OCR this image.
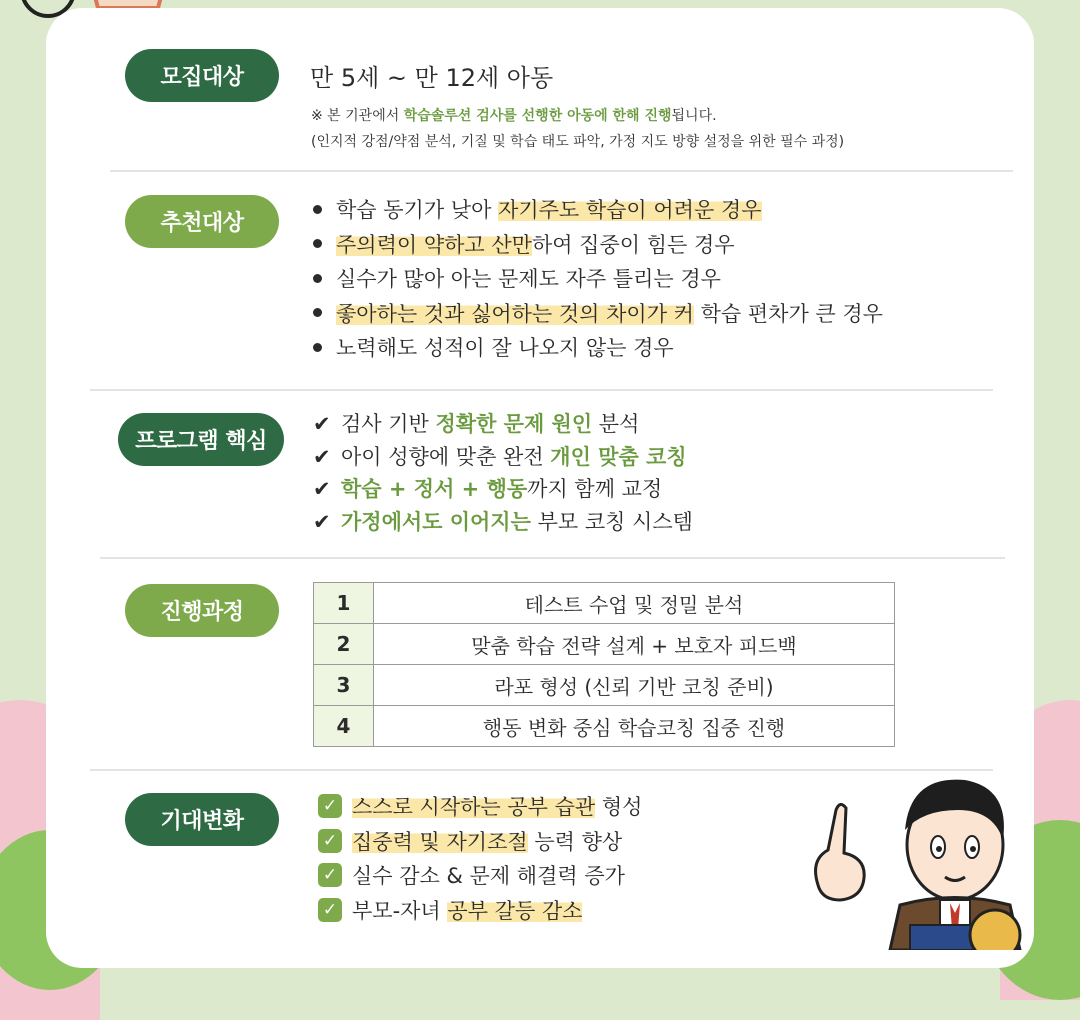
모집대상	만 5세 ~ 만 12세 아동
※ 본 기관에서 학습솔루션 검사를 선행한 아동에 한해 진행됩니다.
(인지적 강점/약점 분석, 기질 및 학습 태도 파악, 가정 지도 방향 설정을 위한 필수 과정)
추천대상
학습 동기가 낮아 자기주도 학습이 어려운 경우
주의력이 약하고 산만하여 집중이 힘든 경우
실수가 많아 아는 문제도 자주 틀리는 경우
좋아하는 것과 싫어하는 것의 차이가 커 학습 편차가 큰 경우
노력해도 성적이 잘 나오지 않는 경우
프로그램 핵심
✔ 검사 기반 정확한 문제 원인 분석
✔ 아이 성향에 맞춘 완전 개인 맞춤 코칭
✔ 학습 + 정서 + 행동까지 함께 교정
✔ 가정에서도 이어지는 부모 코칭 시스템
진행과정	1	테스트 수업 및 정밀 분석
2	맞춤 학습 전략 설계 + 보호자 피드백
3	라포 형성 (신뢰 기반 코칭 준비)
4	행동 변화 중심 학습코칭 집중 진행
기대변화
✓ 스스로 시작하는 공부 습관 형성
✓ 집중력 및 자기조절 능력 향상
✓ 실수 감소 & 문제 해결력 증가
✓ 부모-자녀 공부 갈등 감소
